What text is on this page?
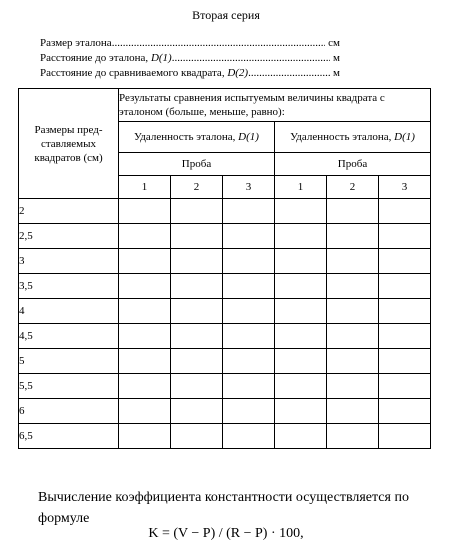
Вторая серия
Размер эталона .....	см
Расстояние до эталона, D(1) .....	м
Расстояние до сравниваемого квадрата, D(2) .....	м
Размеры пред-ставляемых квадратов (см)	Результаты сравнения испытуемым величины квадрата с эталоном (больше, меньше, равно):					
	Удаленность эталона, D(1)			Удаленность эталона, D(1)		
	Проба			Проба		
	1	2	3	1	2	3
2						
2,5						
3						
3,5						
4						
4,5						
5						
5,5						
6						
6,5						
Вычисление коэффициента константности осуществляется по формуле
K = (V − P) / (R − P) · 100,
